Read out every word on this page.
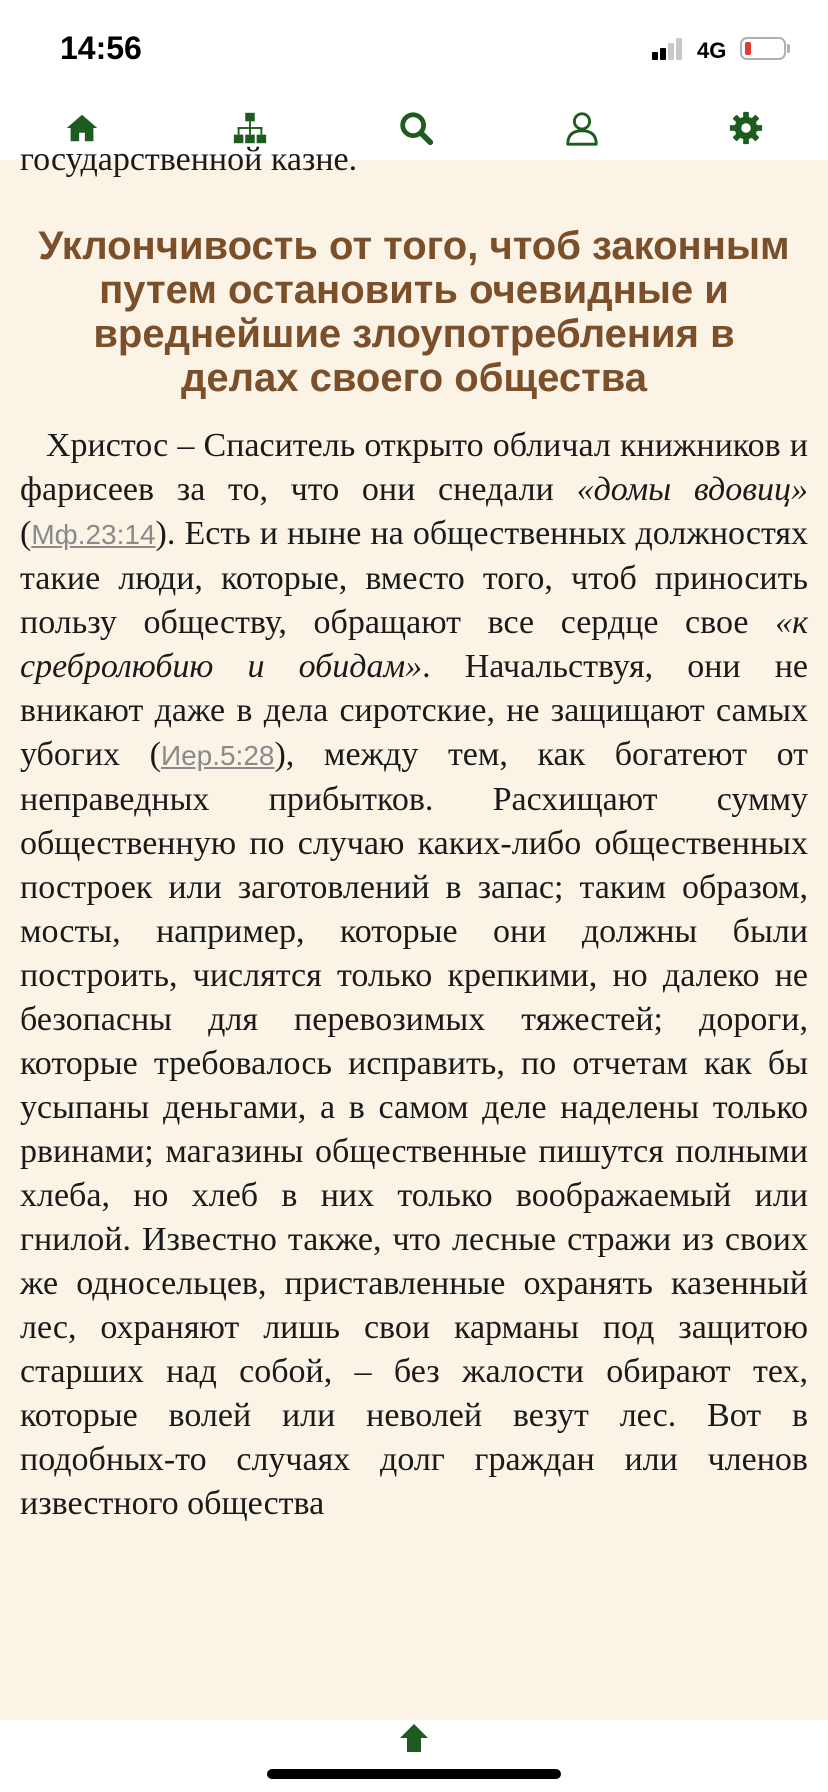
14:56	4G

государственной казне.

Уклончивость от того, чтоб законным путем остановить очевидные и вреднейшие злоупотребления в делах своего общества

Христос – Спаситель открыто обличал книжников и фарисеев за то, что они снедали «домы вдовиц» (Мф.23:14). Есть и ныне на общественных должностях такие люди, которые, вместо того, чтоб приносить пользу обществу, обращают все сердце свое «к сребролюбию и обидам». Начальствуя, они не вникают даже в дела сиротские, не защищают самых убогих (Иер.5:28), между тем, как богатеют от неправедных прибытков. Расхищают сумму общественную по случаю каких-либо общественных построек или заготовлений в запас; таким образом, мосты, например, которые они должны были построить, числятся только крепкими, но далеко не безопасны для перевозимых тяжестей; дороги, которые требовалось исправить, по отчетам как бы усыпаны деньгами, а в самом деле наделены только рвинами; магазины общественные пишутся полными хлеба, но хлеб в них только воображаемый или гнилой. Известно также, что лесные стражи из своих же односельцев, приставленные охранять казенный лес, охраняют лишь свои карманы под защитою старших над собой, – без жалости обирают тех, которые волей или неволей везут лес. Вот в подобных-то случаях долг граждан или членов известного общества
